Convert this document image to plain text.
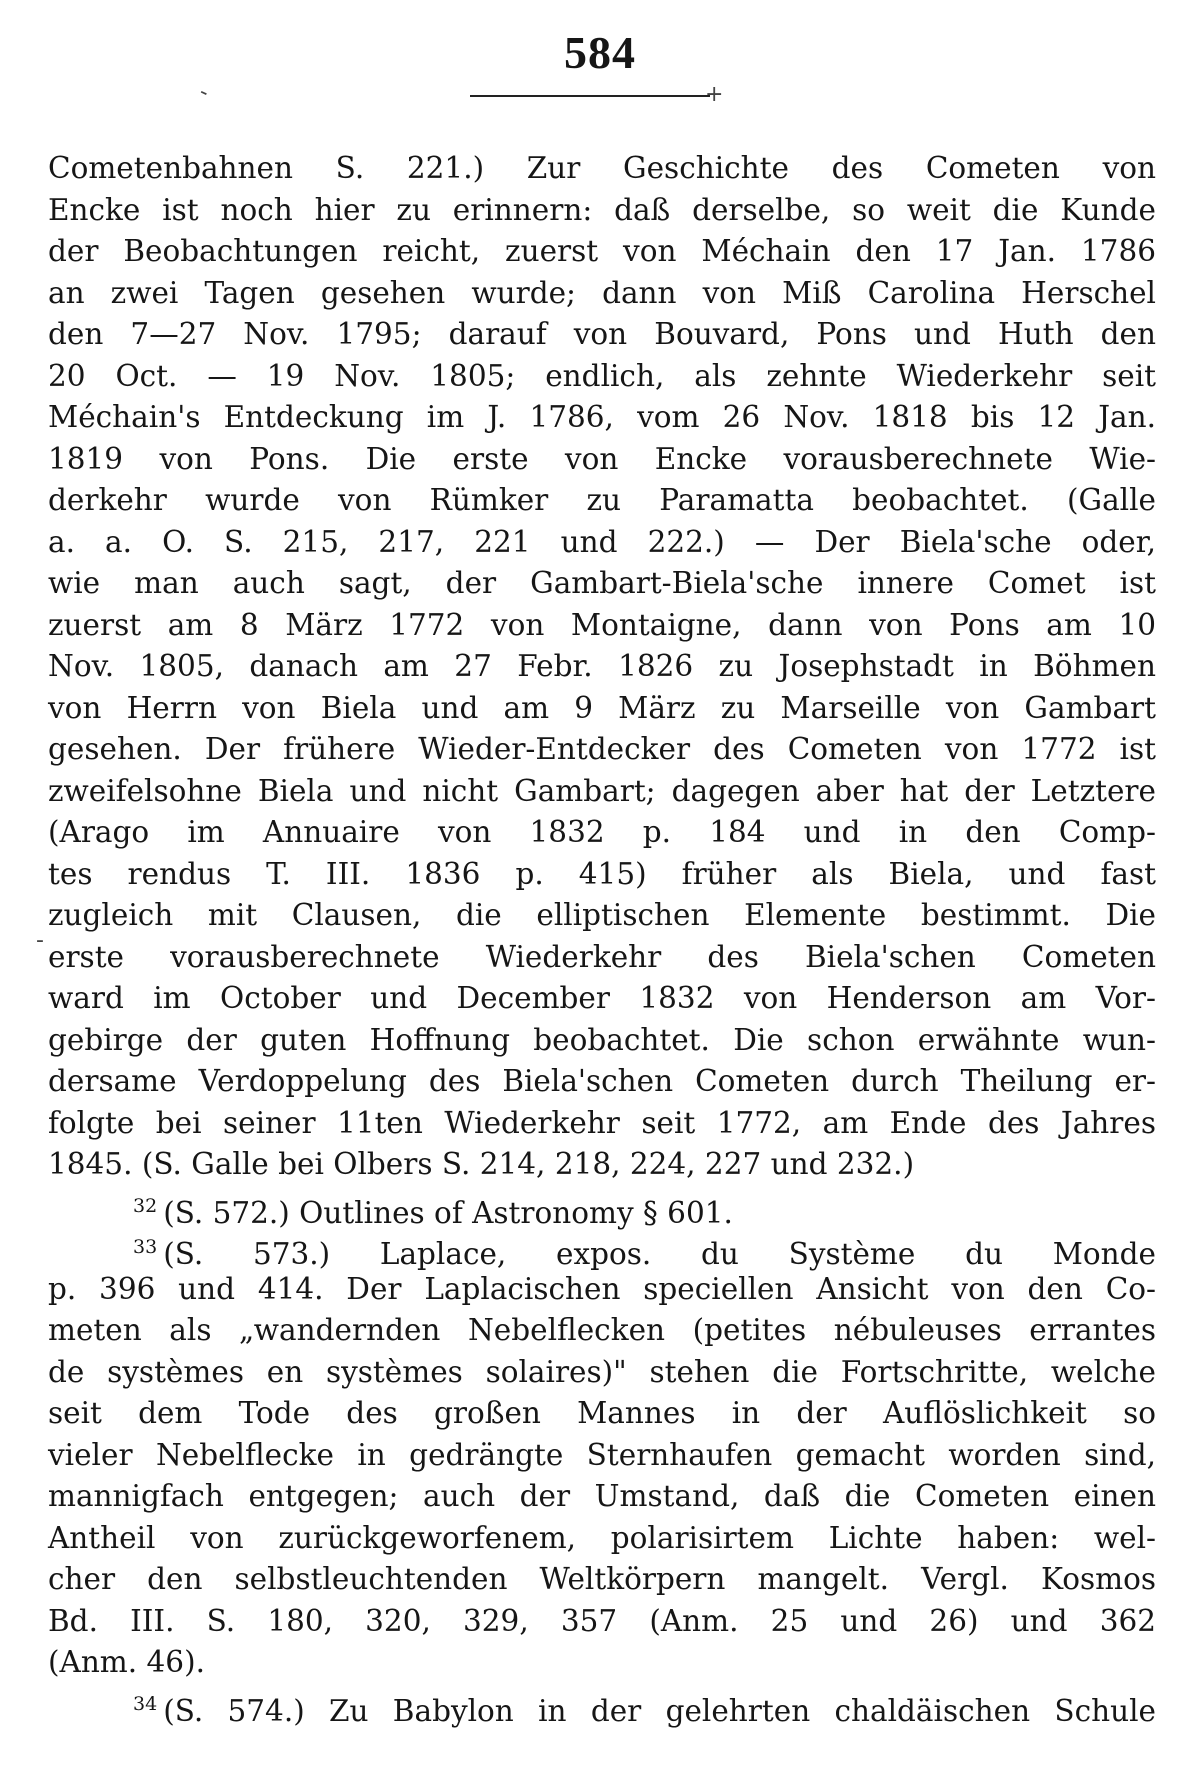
584
+
-
-
Cometenbahnen S. 221.) Zur Geschichte des Cometen von
Encke ist noch hier zu erinnern: daß derselbe, so weit die Kunde
der Beobachtungen reicht, zuerst von Méchain den 17 Jan. 1786
an zwei Tagen gesehen wurde; dann von Miß Carolina Herschel
den 7—27 Nov. 1795; darauf von Bouvard, Pons und Huth den
20 Oct. — 19 Nov. 1805; endlich, als zehnte Wiederkehr seit
Méchain's Entdeckung im J. 1786, vom 26 Nov. 1818 bis 12 Jan.
1819 von Pons. Die erste von Encke vorausberechnete Wie-
derkehr wurde von Rümker zu Paramatta beobachtet. (Galle
a. a. O. S. 215, 217, 221 und 222.) — Der Biela'sche oder,
wie man auch sagt, der Gambart-Biela'sche innere Comet ist
zuerst am 8 März 1772 von Montaigne, dann von Pons am 10
Nov. 1805, danach am 27 Febr. 1826 zu Josephstadt in Böhmen
von Herrn von Biela und am 9 März zu Marseille von Gambart
gesehen. Der frühere Wieder-Entdecker des Cometen von 1772 ist
zweifelsohne Biela und nicht Gambart; dagegen aber hat der Letztere
(Arago im Annuaire von 1832 p. 184 und in den Comp-
tes rendus T. III. 1836 p. 415) früher als Biela, und fast
zugleich mit Clausen, die elliptischen Elemente bestimmt. Die
erste vorausberechnete Wiederkehr des Biela'schen Cometen
ward im October und December 1832 von Henderson am Vor-
gebirge der guten Hoffnung beobachtet. Die schon erwähnte wun-
dersame Verdoppelung des Biela'schen Cometen durch Theilung er-
folgte bei seiner 11ten Wiederkehr seit 1772, am Ende des Jahres
1845. (S. Galle bei Olbers S. 214, 218, 224, 227 und 232.)
$^{32}$ (S. 572.) Outlines of Astronomy § 601.
$^{33}$ (S. 573.) Laplace, expos. du Système du Monde
p. 396 und 414. Der Laplacischen speciellen Ansicht von den Co-
meten als „wandernden Nebelflecken (petites nébuleuses errantes
de systèmes en systèmes solaires)" stehen die Fortschritte, welche
seit dem Tode des großen Mannes in der Auflöslichkeit so
vieler Nebelflecke in gedrängte Sternhaufen gemacht worden sind,
mannigfach entgegen; auch der Umstand, daß die Cometen einen
Antheil von zurückgeworfenem, polarisirtem Lichte haben: wel-
cher den selbstleuchtenden Weltkörpern mangelt. Vergl. Kosmos
Bd. III. S. 180, 320, 329, 357 (Anm. 25 und 26) und 362
(Anm. 46).
$^{34}$ (S. 574.) Zu Babylon in der gelehrten chaldäischen Schule
